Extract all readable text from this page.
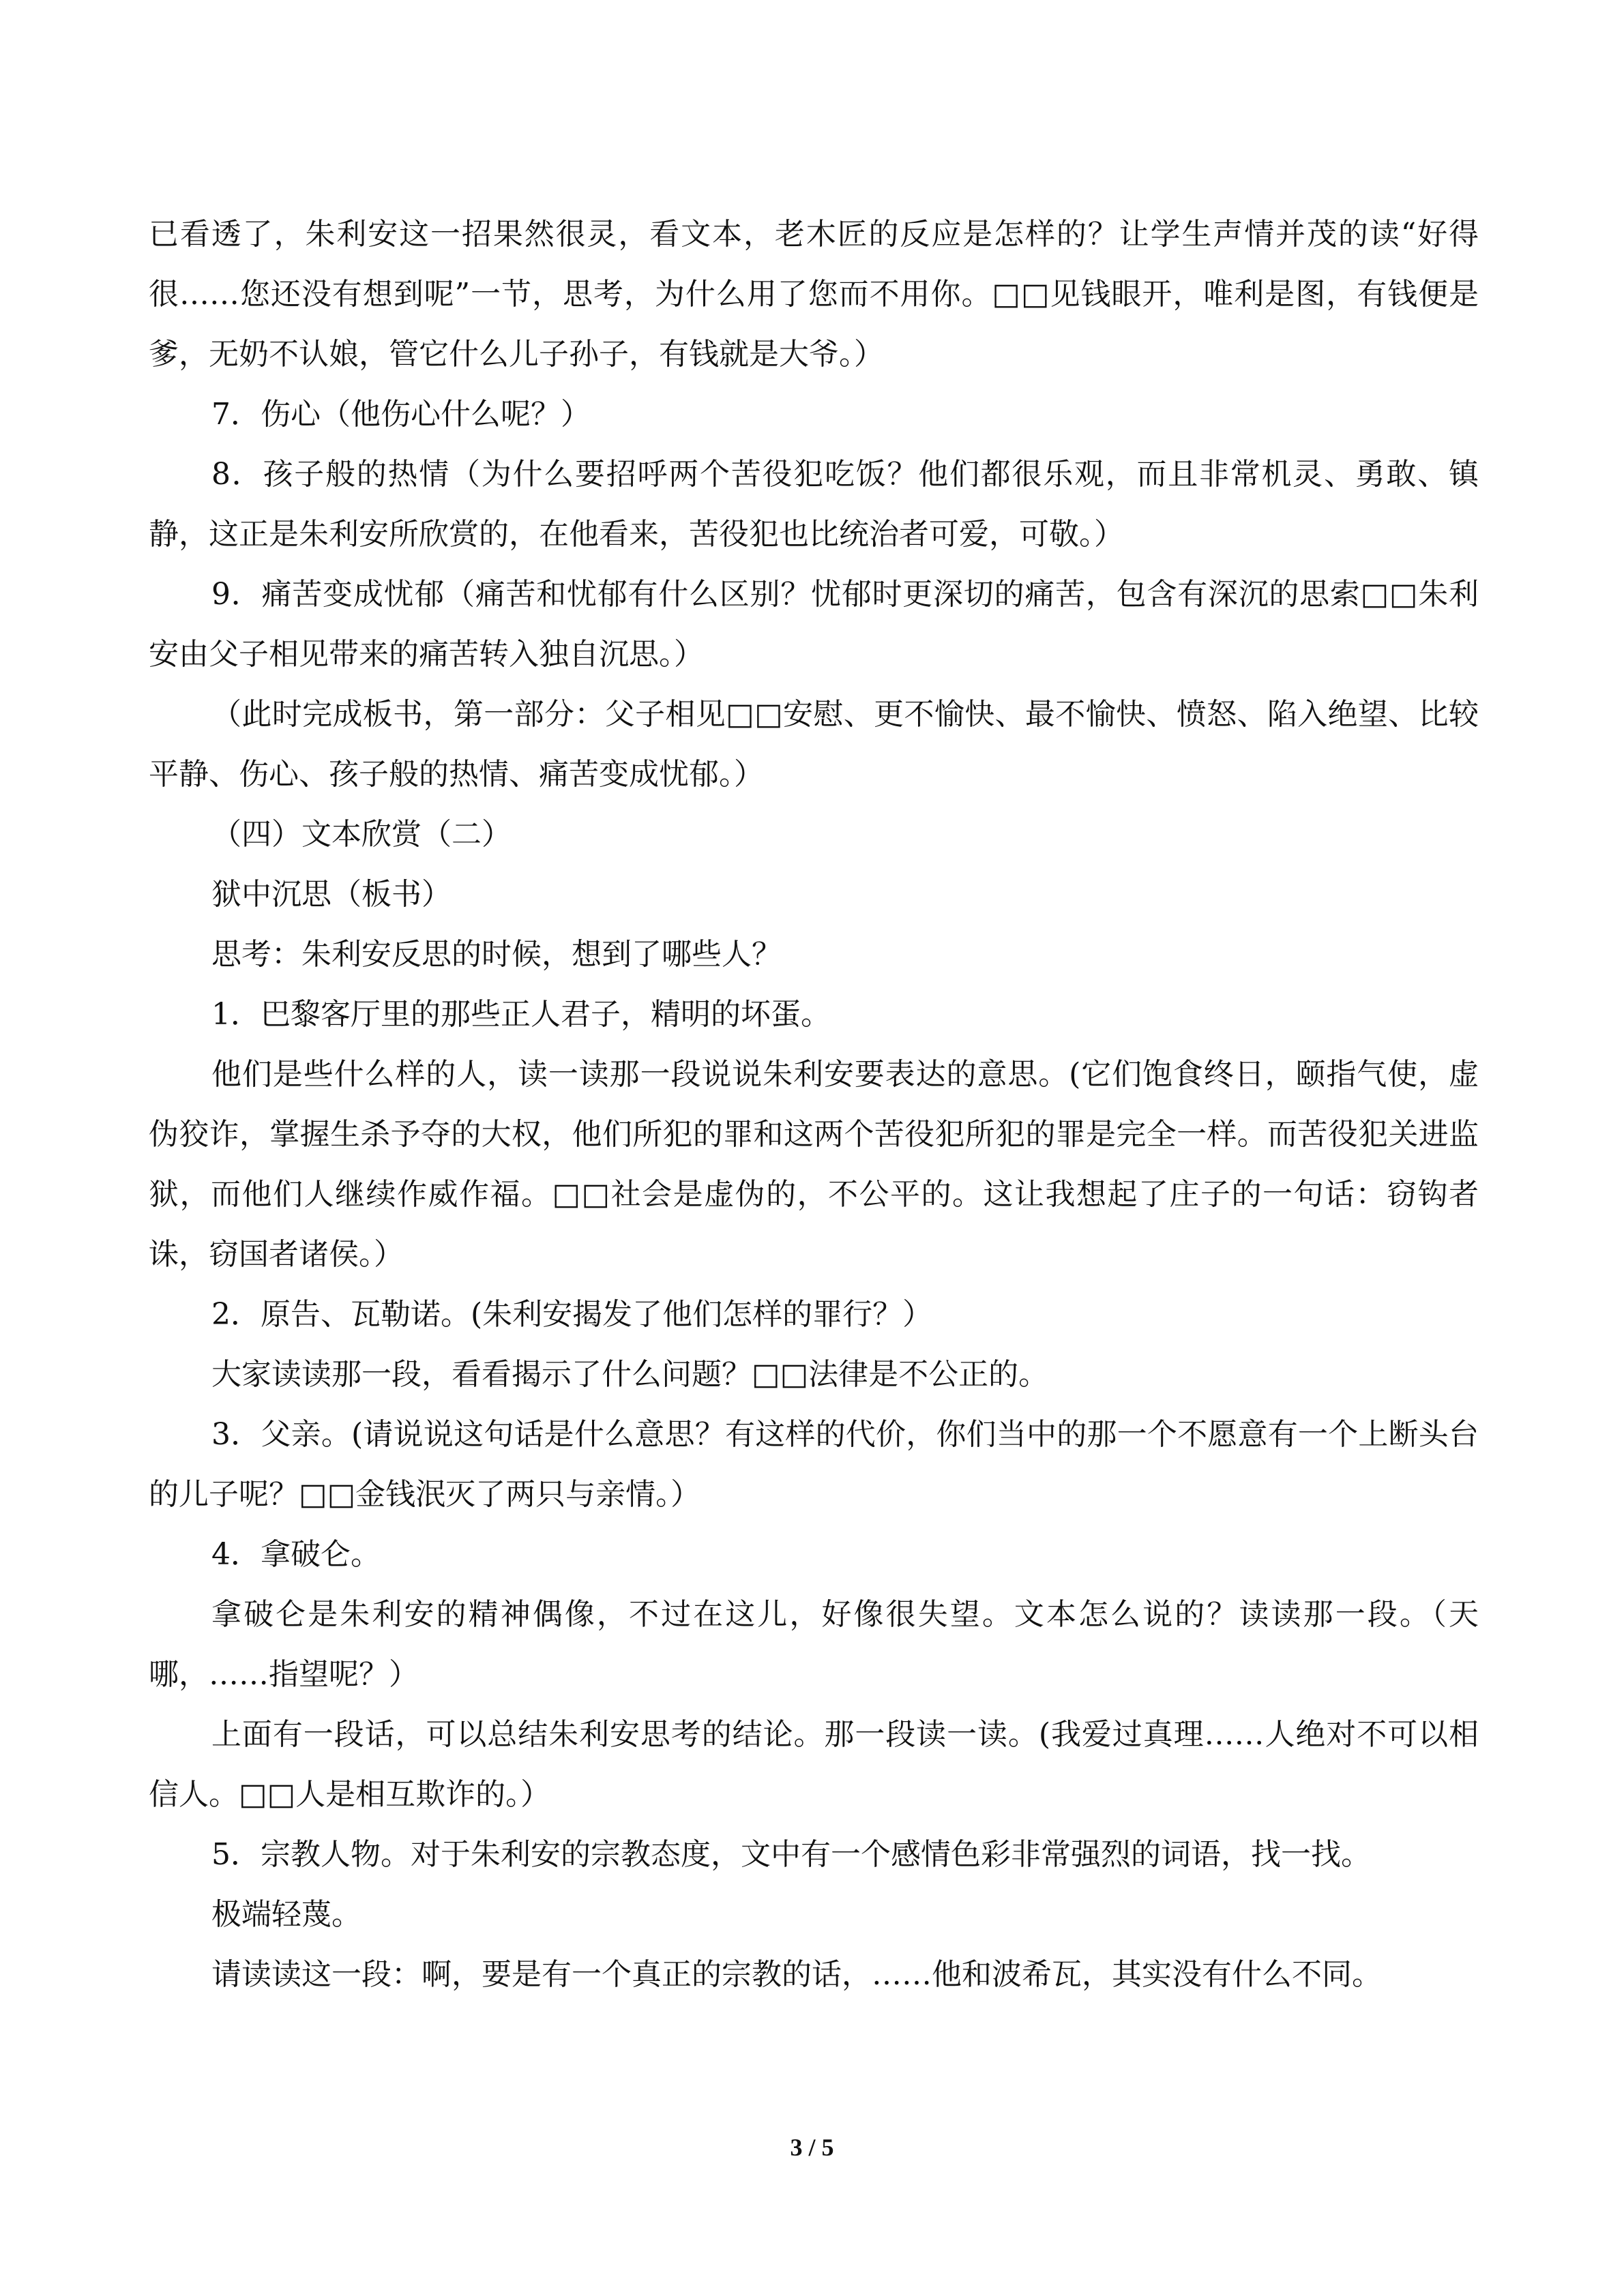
已看透了，朱利安这一招果然很灵，看文本，老木匠的反应是怎样的？让学生声情并茂的读“好得很……您还没有想到呢”一节，思考，为什么用了您而不用你。□□见钱眼开，唯利是图，有钱便是爹，无奶不认娘，管它什么儿子孙子，有钱就是大爷。）

7．伤心（他伤心什么呢？）

8．孩子般的热情（为什么要招呼两个苦役犯吃饭？他们都很乐观，而且非常机灵、勇敢、镇静，这正是朱利安所欣赏的，在他看来，苦役犯也比统治者可爱，可敬。）

9．痛苦变成忧郁（痛苦和忧郁有什么区别？忧郁时更深切的痛苦，包含有深沉的思索□□朱利安由父子相见带来的痛苦转入独自沉思。）

（此时完成板书，第一部分：父子相见□□安慰、更不愉快、最不愉快、愤怒、陷入绝望、比较平静、伤心、孩子般的热情、痛苦变成忧郁。）

（四）文本欣赏（二）

狱中沉思（板书）

思考：朱利安反思的时候，想到了哪些人？

1．巴黎客厅里的那些正人君子，精明的坏蛋。

他们是些什么样的人，读一读那一段说说朱利安要表达的意思。(它们饱食终日，颐指气使，虚伪狡诈，掌握生杀予夺的大权，他们所犯的罪和这两个苦役犯所犯的罪是完全一样。而苦役犯关进监狱，而他们人继续作威作福。□□社会是虚伪的，不公平的。这让我想起了庄子的一句话：窃钩者诛，窃国者诸侯。）

2．原告、瓦勒诺。(朱利安揭发了他们怎样的罪行？）

大家读读那一段，看看揭示了什么问题？□□法律是不公正的。

3．父亲。(请说说这句话是什么意思？有这样的代价，你们当中的那一个不愿意有一个上断头台的儿子呢？□□金钱泯灭了两只与亲情。）

4．拿破仑。

拿破仑是朱利安的精神偶像，不过在这儿，好像很失望。文本怎么说的？读读那一段。（天哪，……指望呢？）

上面有一段话，可以总结朱利安思考的结论。那一段读一读。(我爱过真理……人绝对不可以相信人。□□人是相互欺诈的。）

5．宗教人物。对于朱利安的宗教态度，文中有一个感情色彩非常强烈的词语，找一找。

极端轻蔑。

请读读这一段：啊，要是有一个真正的宗教的话，……他和波希瓦，其实没有什么不同。

3 / 5
